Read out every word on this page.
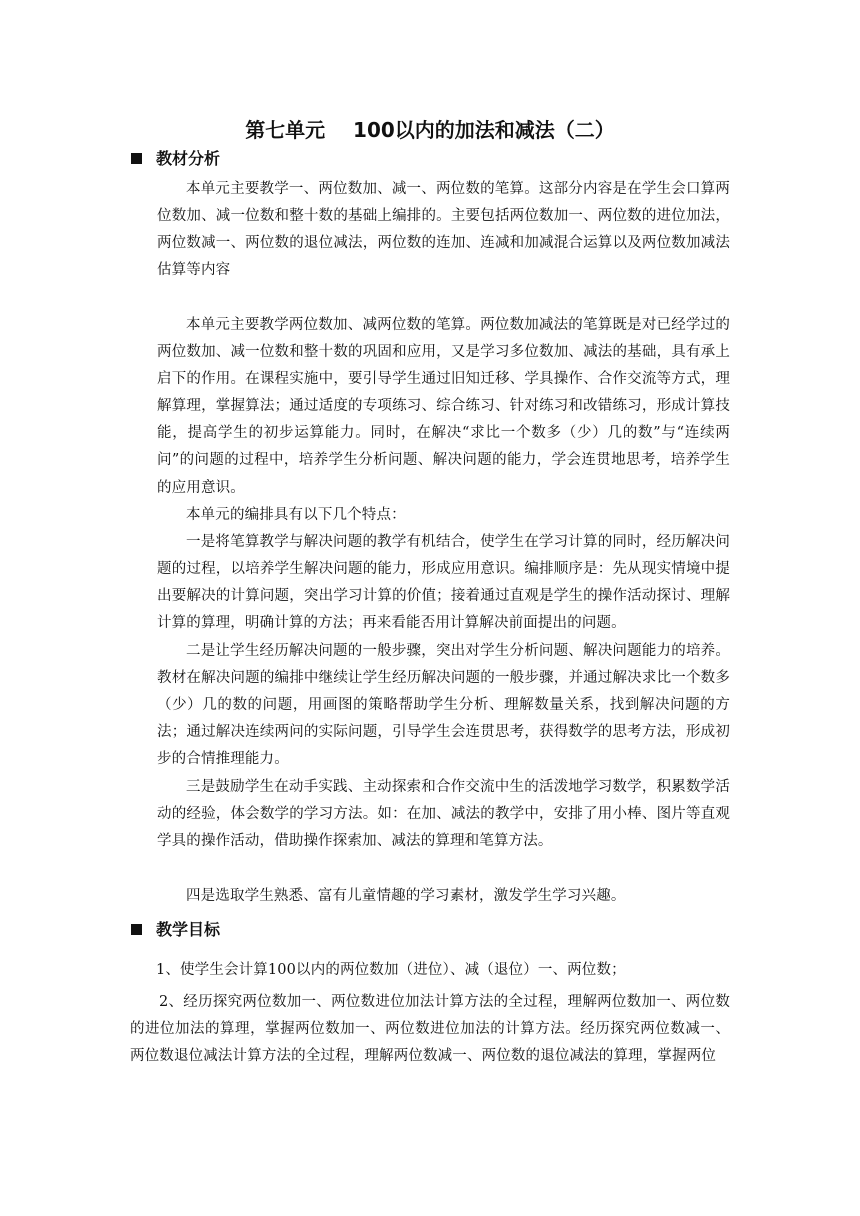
第七单元    100以内的加法和减法（二）
教材分析

本单元主要教学一、两位数加、减一、两位数的笔算。这部分内容是在学生会口算两位数加、减一位数和整十数的基础上编排的。主要包括两位数加一、两位数的进位加法，两位数减一、两位数的退位减法，两位数的连加、连减和加减混合运算以及两位数加减法估算等内容

本单元主要教学两位数加、减两位数的笔算。两位数加减法的笔算既是对已经学过的两位数加、减一位数和整十数的巩固和应用，又是学习多位数加、减法的基础，具有承上启下的作用。在课程实施中，要引导学生通过旧知迁移、学具操作、合作交流等方式，理解算理，掌握算法；通过适度的专项练习、综合练习、针对练习和改错练习，形成计算技能，提高学生的初步运算能力。同时，在解决“求比一个数多（少）几的数”与“连续两问”的问题的过程中，培养学生分析问题、解决问题的能力，学会连贯地思考，培养学生的应用意识。

本单元的编排具有以下几个特点：

一是将笔算教学与解决问题的教学有机结合，使学生在学习计算的同时，经历解决问题的过程，以培养学生解决问题的能力，形成应用意识。编排顺序是：先从现实情境中提出要解决的计算问题，突出学习计算的价值；接着通过直观是学生的操作活动探讨、理解计算的算理，明确计算的方法；再来看能否用计算解决前面提出的问题。

二是让学生经历解决问题的一般步骤，突出对学生分析问题、解决问题能力的培养。教材在解决问题的编排中继续让学生经历解决问题的一般步骤，并通过解决求比一个数多（少）几的数的问题，用画图的策略帮助学生分析、理解数量关系，找到解决问题的方法；通过解决连续两问的实际问题，引导学生会连贯思考，获得数学的思考方法，形成初步的合情推理能力。

三是鼓励学生在动手实践、主动探索和合作交流中生的活泼地学习数学，积累数学活动的经验，体会数学的学习方法。如：在加、减法的教学中，安排了用小棒、图片等直观学具的操作活动，借助操作探索加、减法的算理和笔算方法。

四是选取学生熟悉、富有儿童情趣的学习素材，激发学生学习兴趣。

教学目标

1、使学生会计算100以内的两位数加（进位）、减（退位）一、两位数；

2、经历探究两位数加一、两位数进位加法计算方法的全过程，理解两位数加一、两位数的进位加法的算理，掌握两位数加一、两位数进位加法的计算方法。经历探究两位数减一、两位数退位减法计算方法的全过程，理解两位数减一、两位数的退位减法的算理，掌握两位
